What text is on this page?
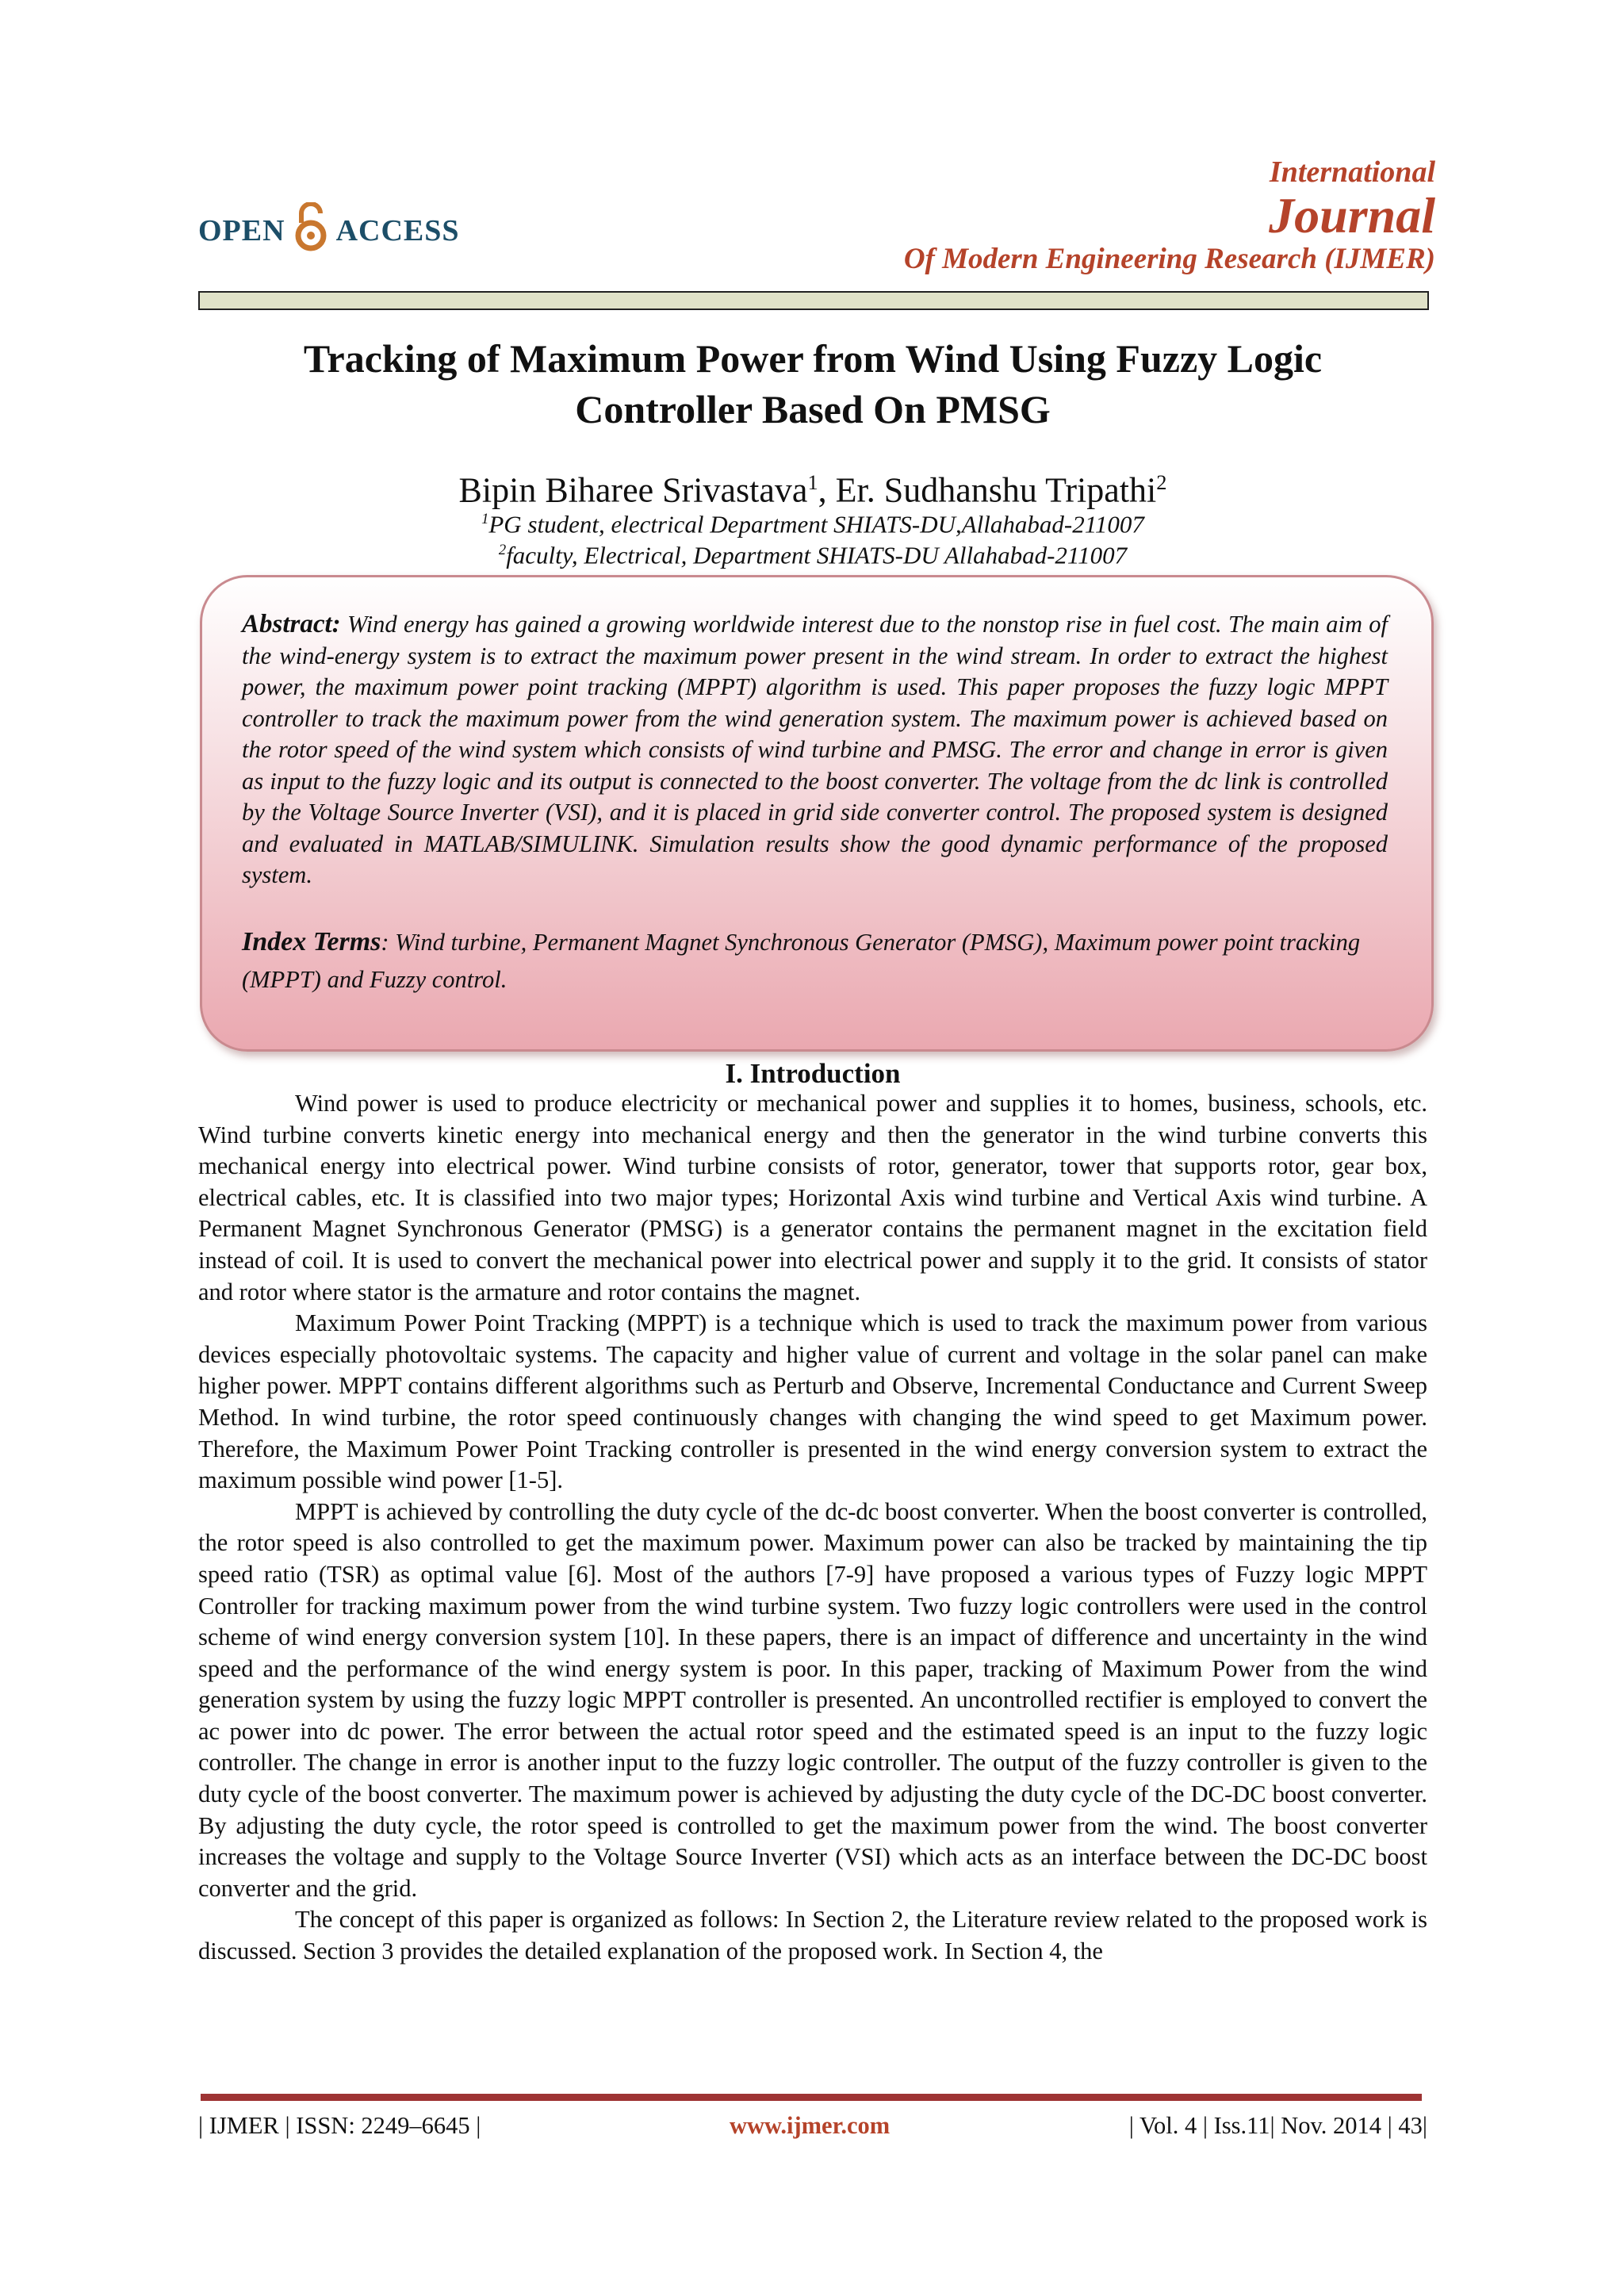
OPEN ACCESS
International
Journal
Of Modern Engineering Research (IJMER)
Tracking of Maximum Power from Wind Using Fuzzy Logic
Controller Based On PMSG
Bipin Biharee Srivastava$^1$, Er. Sudhanshu Tripathi$^2$
$^1$PG student, electrical Department SHIATS-DU,Allahabad-211007
$^2$faculty, Electrical, Department SHIATS-DU Allahabad-211007
Abstract: Wind energy has gained a growing worldwide interest due to the nonstop rise in fuel cost. The main aim of the wind-energy system is to extract the maximum power present in the wind stream. In order to extract the highest power, the maximum power point tracking (MPPT) algorithm is used. This paper proposes the fuzzy logic MPPT controller to track the maximum power from the wind generation system. The maximum power is achieved based on the rotor speed of the wind system which consists of wind turbine and PMSG. The error and change in error is given as input to the fuzzy logic and its output is connected to the boost converter. The voltage from the dc link is controlled by the Voltage Source Inverter (VSI), and it is placed in grid side converter control. The proposed system is designed and evaluated in MATLAB/SIMULINK. Simulation results show the good dynamic performance of the proposed system.
Index Terms: Wind turbine, Permanent Magnet Synchronous Generator (PMSG), Maximum power point tracking (MPPT) and Fuzzy control.
I. Introduction

Wind power is used to produce electricity or mechanical power and supplies it to homes, business, schools, etc. Wind turbine converts kinetic energy into mechanical energy and then the generator in the wind turbine converts this mechanical energy into electrical power. Wind turbine consists of rotor, generator, tower that supports rotor, gear box, electrical cables, etc. It is classified into two major types; Horizontal Axis wind turbine and Vertical Axis wind turbine. A Permanent Magnet Synchronous Generator (PMSG) is a generator contains the permanent magnet in the excitation field instead of coil. It is used to convert the mechanical power into electrical power and supply it to the grid. It consists of stator and rotor where stator is the armature and rotor contains the magnet.

Maximum Power Point Tracking (MPPT) is a technique which is used to track the maximum power from various devices especially photovoltaic systems. The capacity and higher value of current and voltage in the solar panel can make higher power. MPPT contains different algorithms such as Perturb and Observe, Incremental Conductance and Current Sweep Method. In wind turbine, the rotor speed continuously changes with changing the wind speed to get Maximum power. Therefore, the Maximum Power Point Tracking controller is presented in the wind energy conversion system to extract the maximum possible wind power [1-5].

MPPT is achieved by controlling the duty cycle of the dc-dc boost converter. When the boost converter is controlled, the rotor speed is also controlled to get the maximum power. Maximum power can also be tracked by maintaining the tip speed ratio (TSR) as optimal value [6]. Most of the authors [7-9] have proposed a various types of Fuzzy logic MPPT Controller for tracking maximum power from the wind turbine system. Two fuzzy logic controllers were used in the control scheme of wind energy conversion system [10]. In these papers, there is an impact of difference and uncertainty in the wind speed and the performance of the wind energy system is poor. In this paper, tracking of Maximum Power from the wind generation system by using the fuzzy logic MPPT controller is presented. An uncontrolled rectifier is employed to convert the ac power into dc power. The error between the actual rotor speed and the estimated speed is an input to the fuzzy logic controller. The change in error is another input to the fuzzy logic controller. The output of the fuzzy controller is given to the duty cycle of the boost converter. The maximum power is achieved by adjusting the duty cycle of the DC-DC boost converter. By adjusting the duty cycle, the rotor speed is controlled to get the maximum power from the wind. The boost converter increases the voltage and supply to the Voltage Source Inverter (VSI) which acts as an interface between the DC-DC boost converter and the grid.

The concept of this paper is organized as follows: In Section 2, the Literature review related to the proposed work is discussed. Section 3 provides the detailed explanation of the proposed work. In Section 4, the

| IJMER | ISSN: 2249–6645 |	www.ijmer.com	| Vol. 4 | Iss.11| Nov. 2014 | 43|
